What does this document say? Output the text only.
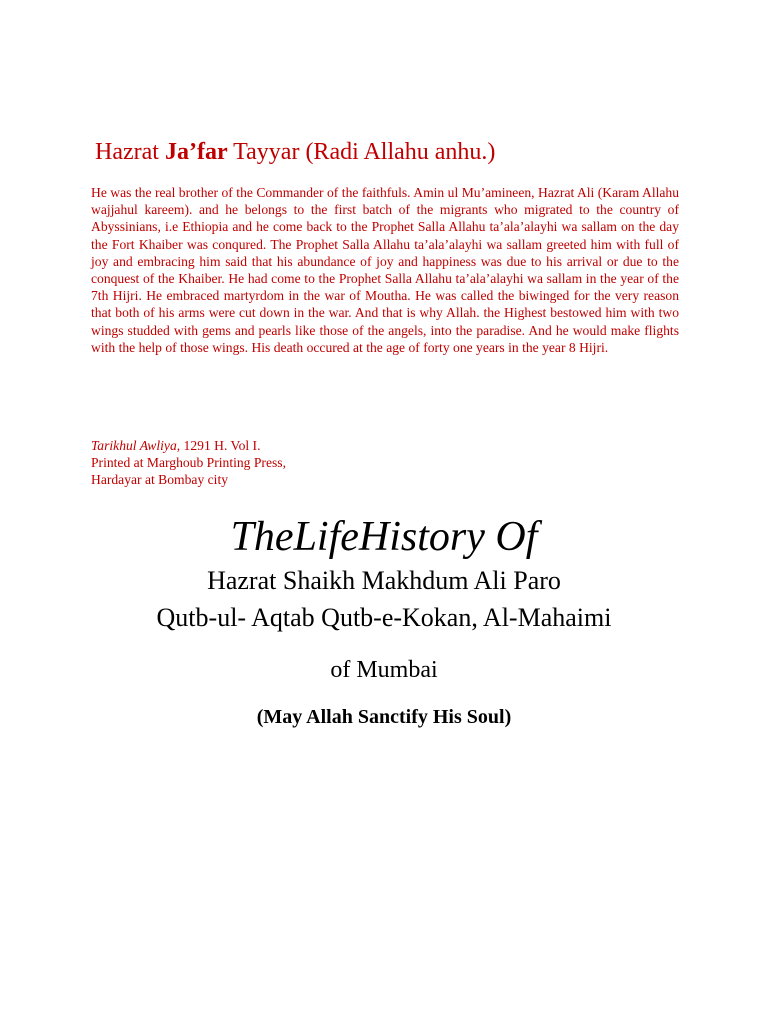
Hazrat Ja’far Tayyar (Radi Allahu anhu.)
He was the real brother of the Commander of the faithfuls. Amin ul Mu’amineen, Hazrat Ali (Karam Allahu wajjahul kareem). and he belongs to the first batch of the migrants who migrated to the country of Abyssinians, i.e Ethiopia and he come back to the Prophet Salla Allahu ta’ala’alayhi wa sallam on the day the Fort Khaiber was conqured. The Prophet Salla Allahu ta’ala’alayhi wa sallam greeted him with full of joy and embracing him said that his abundance of joy and happiness was due to his arrival or due to the conquest of the Khaiber. He had come to the Prophet Salla Allahu ta’ala’alayhi wa sallam in the year of the 7th Hijri. He embraced martyrdom in the war of Moutha. He was called the biwinged for the very reason that both of his arms were cut down in the war. And that is why Allah. the Highest bestowed him with two wings studded with gems and pearls like those of the angels, into the paradise. And he would make flights with the help of those wings. His death occured at the age of forty one years in the year 8 Hijri.
Tarikhul Awliya, 1291 H. Vol I.
Printed at Marghoub Printing Press,
Hardayar at Bombay city
TheLifeHistory Of
Hazrat Shaikh Makhdum Ali Paro
Qutb-ul- Aqtab Qutb-e-Kokan, Al-Mahaimi
of Mumbai
(May Allah Sanctify His Soul)
